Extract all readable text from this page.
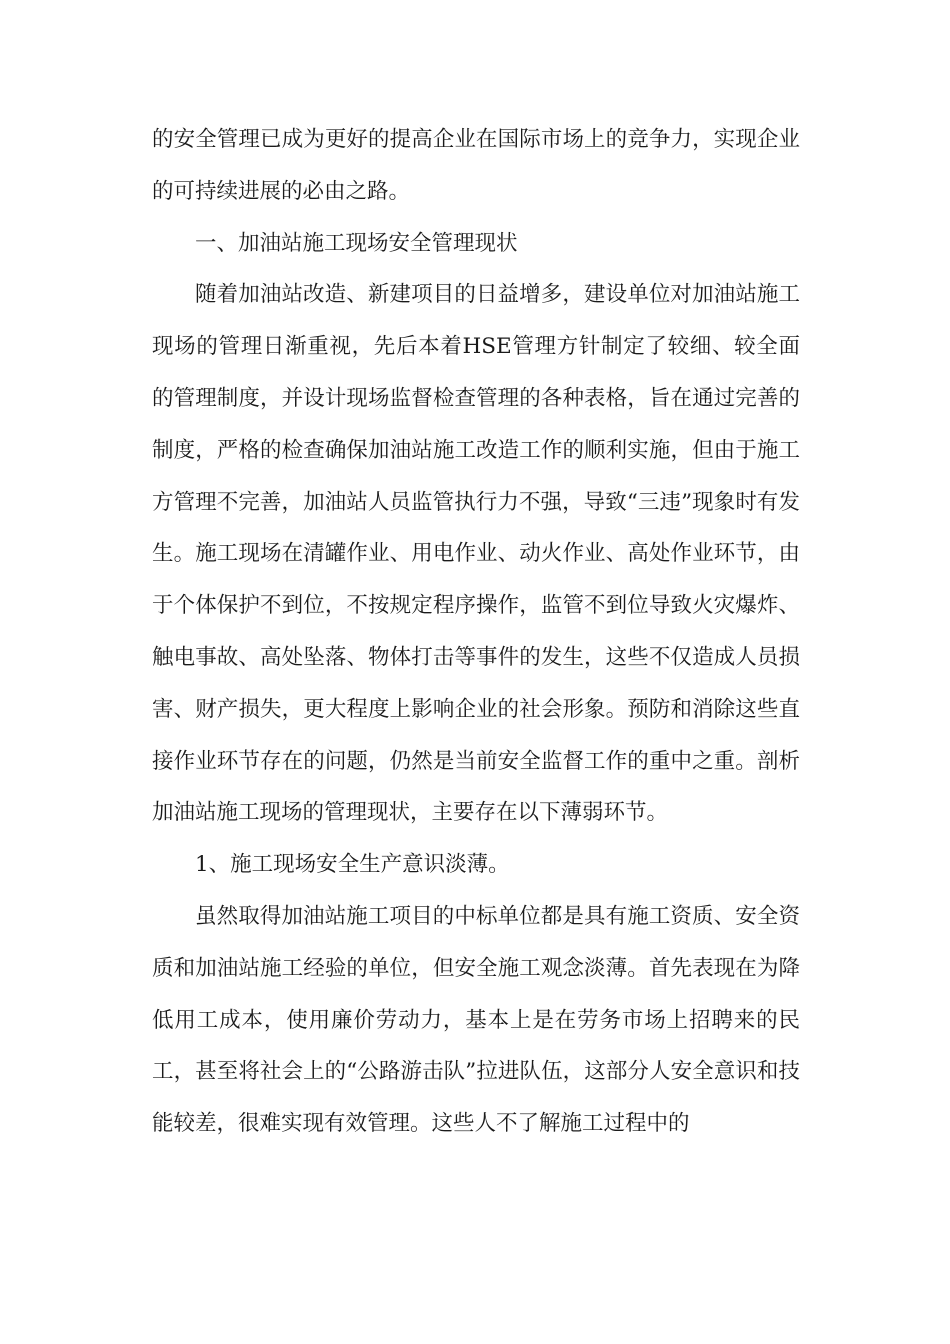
的安全管理已成为更好的提高企业在国际市场上的竞争力，实现企业的可持续进展的必由之路。

一、加油站施工现场安全管理现状

随着加油站改造、新建项目的日益增多，建设单位对加油站施工现场的管理日渐重视，先后本着HSE管理方针制定了较细、较全面的管理制度，并设计现场监督检查管理的各种表格，旨在通过完善的制度，严格的检查确保加油站施工改造工作的顺利实施，但由于施工方管理不完善，加油站人员监管执行力不强，导致“三违”现象时有发生。施工现场在清罐作业、用电作业、动火作业、高处作业环节，由于个体保护不到位，不按规定程序操作，监管不到位导致火灾爆炸、触电事故、高处坠落、物体打击等事件的发生，这些不仅造成人员损害、财产损失，更大程度上影响企业的社会形象。预防和消除这些直接作业环节存在的问题，仍然是当前安全监督工作的重中之重。剖析加油站施工现场的管理现状，主要存在以下薄弱环节。

1、施工现场安全生产意识淡薄。

虽然取得加油站施工项目的中标单位都是具有施工资质、安全资质和加油站施工经验的单位，但安全施工观念淡薄。首先表现在为降低用工成本，使用廉价劳动力，基本上是在劳务市场上招聘来的民工，甚至将社会上的“公路游击队”拉进队伍，这部分人安全意识和技能较差，很难实现有效管理。这些人不了解施工过程中的
